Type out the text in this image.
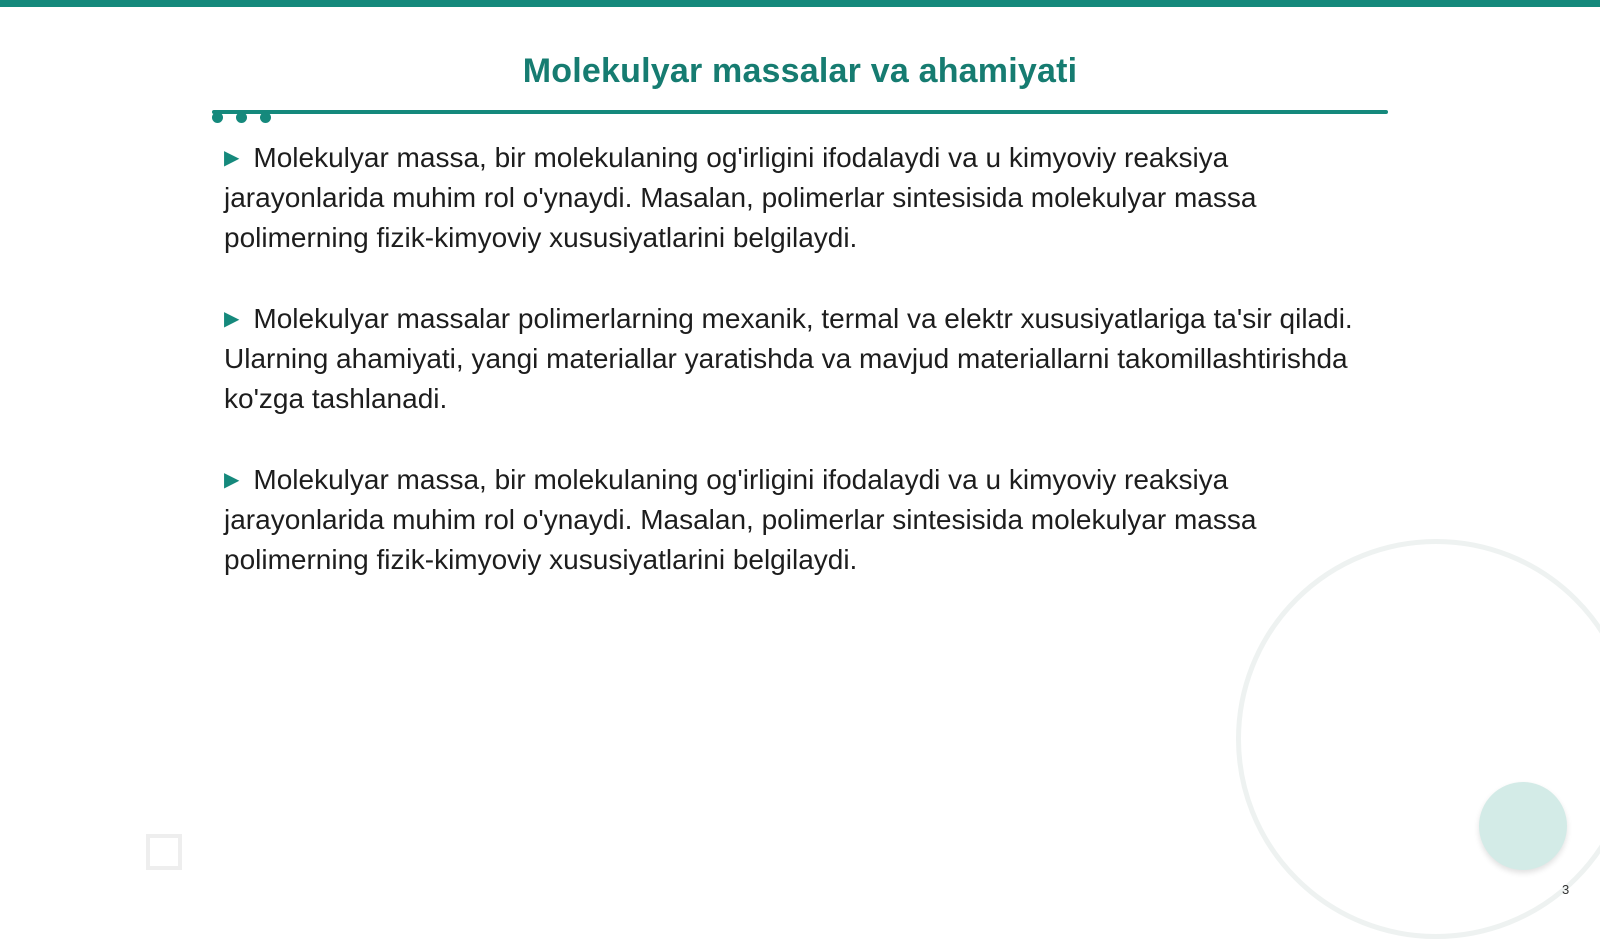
Molekulyar massalar va ahamiyati

▶ Molekulyar massa, bir molekulaning og'irligini ifodalaydi va u kimyoviy reaksiya jarayonlarida muhim rol o'ynaydi. Masalan, polimerlar sintesisida molekulyar massa polimerning fizik-kimyoviy xususiyatlarini belgilaydi.

▶ Molekulyar massalar polimerlarning mexanik, termal va elektr xususiyatlariga ta'sir qiladi. Ularning ahamiyati, yangi materiallar yaratishda va mavjud materiallarni takomillashtirishda ko'zga tashlanadi.

▶ Molekulyar massa, bir molekulaning og'irligini ifodalaydi va u kimyoviy reaksiya jarayonlarida muhim rol o'ynaydi. Masalan, polimerlar sintesisida molekulyar massa polimerning fizik-kimyoviy xususiyatlarini belgilaydi.

3
